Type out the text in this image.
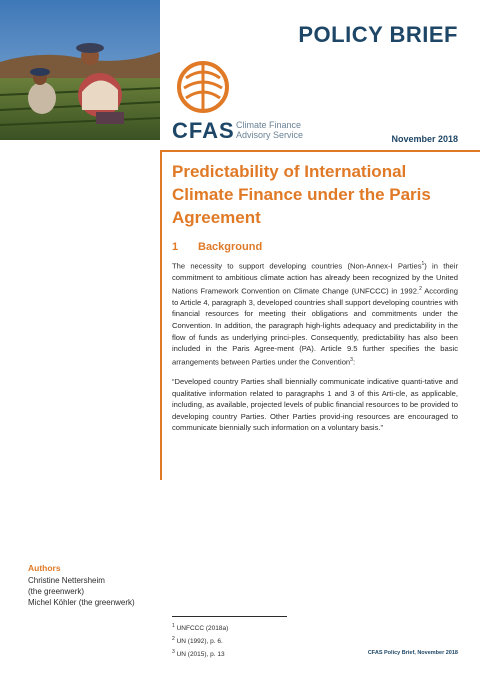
POLICY BRIEF
CFAS Climate Finance
Advisory Service	November 2018
Predictability of International
Climate Finance under the Paris
Agreement
1 Background

The necessity to support developing countries (Non-Annex-I Parties$^1$) in their commitment to ambitious climate action has already been recognized by the United Nations Framework Convention on Climate Change (UNFCCC) in 1992.$^2$ According to Article 4, paragraph 3, developed countries shall support developing countries with financial resources for meeting their obligations and commitments under the Convention. In addition, the paragraph high-lights adequacy and predictability in the flow of funds as underlying princi-ples. Consequently, predictability has also been included in the Paris Agree-ment (PA). Article 9.5 further specifies the basic arrangements between Parties under the Convention$^3$:

“Developed country Parties shall biennially communicate indicative quanti-tative and qualitative information related to paragraphs 1 and 3 of this Arti-cle, as applicable, including, as available, projected levels of public financial resources to be provided to developing country Parties. Other Parties provid-ing resources are encouraged to communicate biennially such information on a voluntary basis.”

Authors
Christine Nettersheim
(the greenwerk)
Michel Köhler (the greenwerk)
$^1$ UNFCCC (2018a)
$^2$ UN (1992), p. 6.
$^3$ UN (2015), p. 13	CFAS Policy Brief, November 2018
